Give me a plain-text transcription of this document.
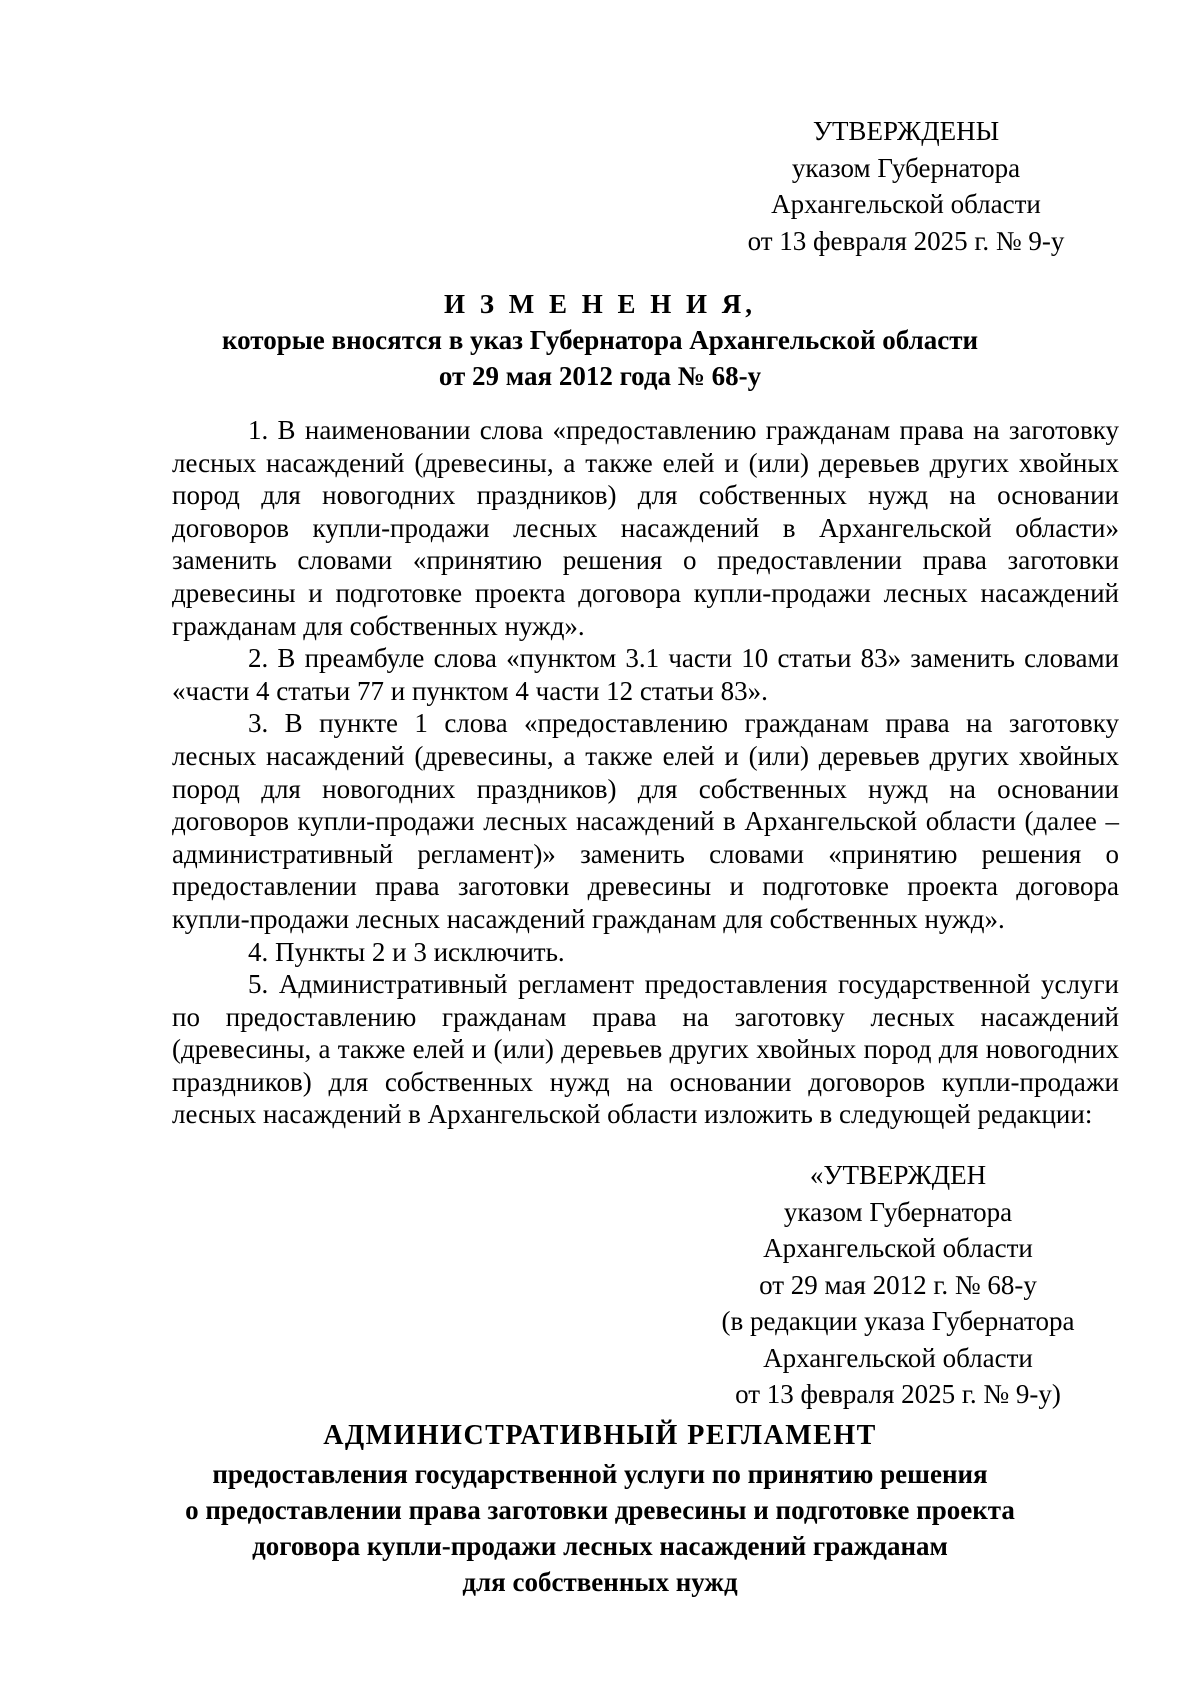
УТВЕРЖДЕНЫ
указом Губернатора
Архангельской области
от 13 февраля 2025 г. № 9-у
И З М Е Н Е Н И Я,
которые вносятся в указ Губернатора Архангельской области
от 29 мая 2012 года № 68-у

1. В наименовании слова «предоставлению гражданам права на заготовку лесных насаждений (древесины, а также елей и (или) деревьев других хвойных пород для новогодних праздников) для собственных нужд на основании договоров купли-продажи лесных насаждений в Архангельской области» заменить словами «принятию решения о предоставлении права заготовки древесины и подготовке проекта договора купли-продажи лесных насаждений гражданам для собственных нужд».

2. В преамбуле слова «пунктом 3.1 части 10 статьи 83» заменить словами «части 4 статьи 77 и пунктом 4 части 12 статьи 83».

3. В пункте 1 слова «предоставлению гражданам права на заготовку лесных насаждений (древесины, а также елей и (или) деревьев других хвойных пород для новогодних праздников) для собственных нужд на основании договоров купли-продажи лесных насаждений в Архангельской области (далее – административный регламент)» заменить словами «принятию решения о предоставлении права заготовки древесины и подготовке проекта договора купли-продажи лесных насаждений гражданам для собственных нужд».

4. Пункты 2 и 3 исключить.

5. Административный регламент предоставления государственной услуги по предоставлению гражданам права на заготовку лесных насаждений (древесины, а также елей и (или) деревьев других хвойных пород для новогодних праздников) для собственных нужд на основании договоров купли-продажи лесных насаждений в Архангельской области изложить в следующей редакции:

«УТВЕРЖДЕН
указом Губернатора
Архангельской области
от 29 мая 2012 г. № 68-у
(в редакции указа Губернатора
Архангельской области
от 13 февраля 2025 г. № 9-у)
АДМИНИСТРАТИВНЫЙ РЕГЛАМЕНТ
предоставления государственной услуги по принятию решения
о предоставлении права заготовки древесины и подготовке проекта
договора купли-продажи лесных насаждений гражданам
для собственных нужд
